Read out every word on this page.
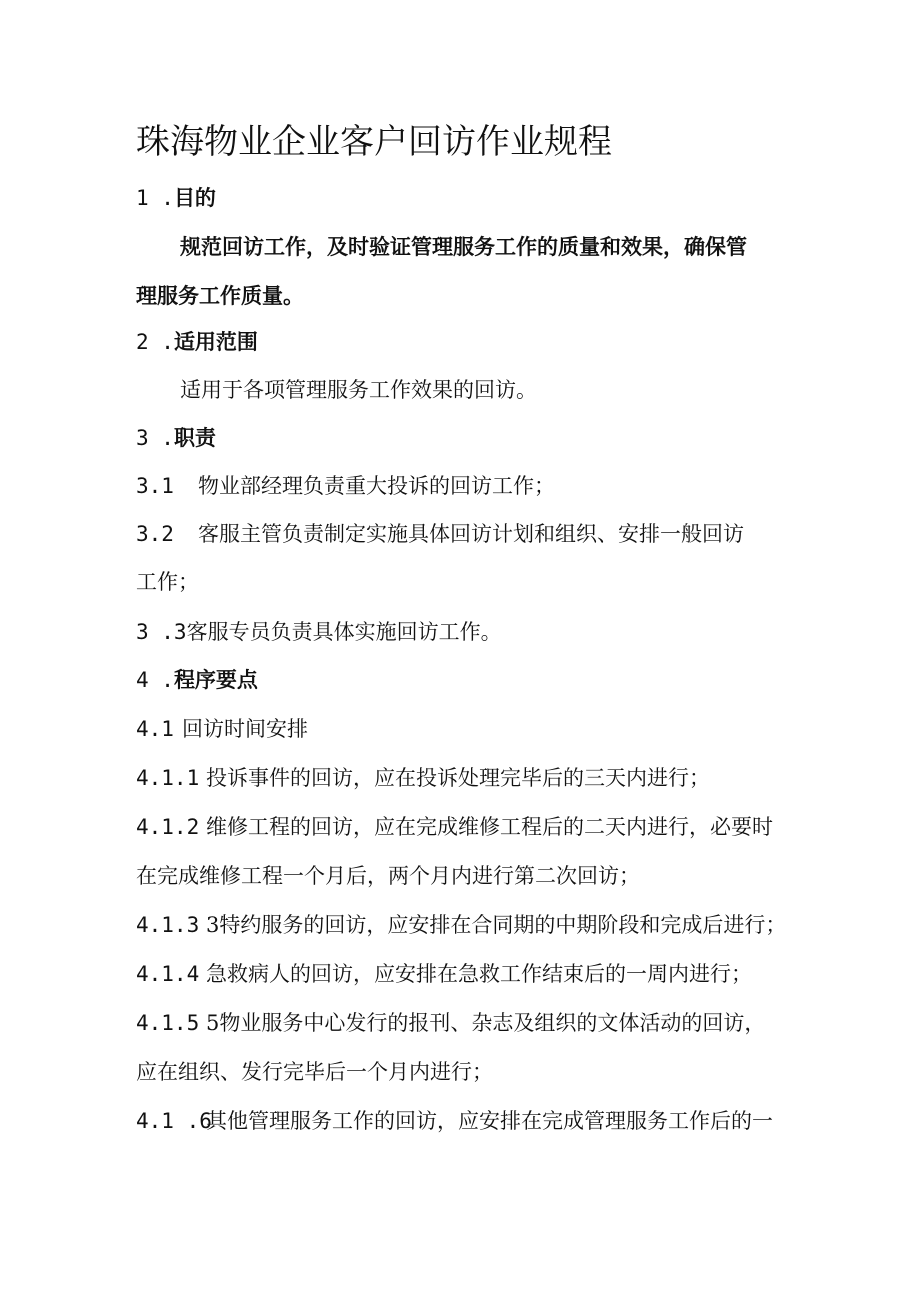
珠海物业企业客户回访作业规程
1 .目的
规范回访工作，及时验证管理服务工作的质量和效果，确保管
理服务工作质量。
2 .适用范围
适用于各项管理服务工作效果的回访。
3 .职责
3.1 物业部经理负责重大投诉的回访工作；
3.2 客服主管负责制定实施具体回访计划和组织、安排一般回访
工作；
3 .3客服专员负责具体实施回访工作。
4 .程序要点
4.1 回访时间安排
4.1.1 投诉事件的回访，应在投诉处理完毕后的三天内进行；
4.1.2 维修工程的回访，应在完成维修工程后的二天内进行，必要时
在完成维修工程一个月后，两个月内进行第二次回访；
4.1.3 3特约服务的回访，应安排在合同期的中期阶段和完成后进行；
4.1.4 急救病人的回访，应安排在急救工作结束后的一周内进行；
4.1.5 5物业服务中心发行的报刊、杂志及组织的文体活动的回访，
应在组织、发行完毕后一个月内进行；
4.1 .6其他管理服务工作的回访，应安排在完成管理服务工作后的一
